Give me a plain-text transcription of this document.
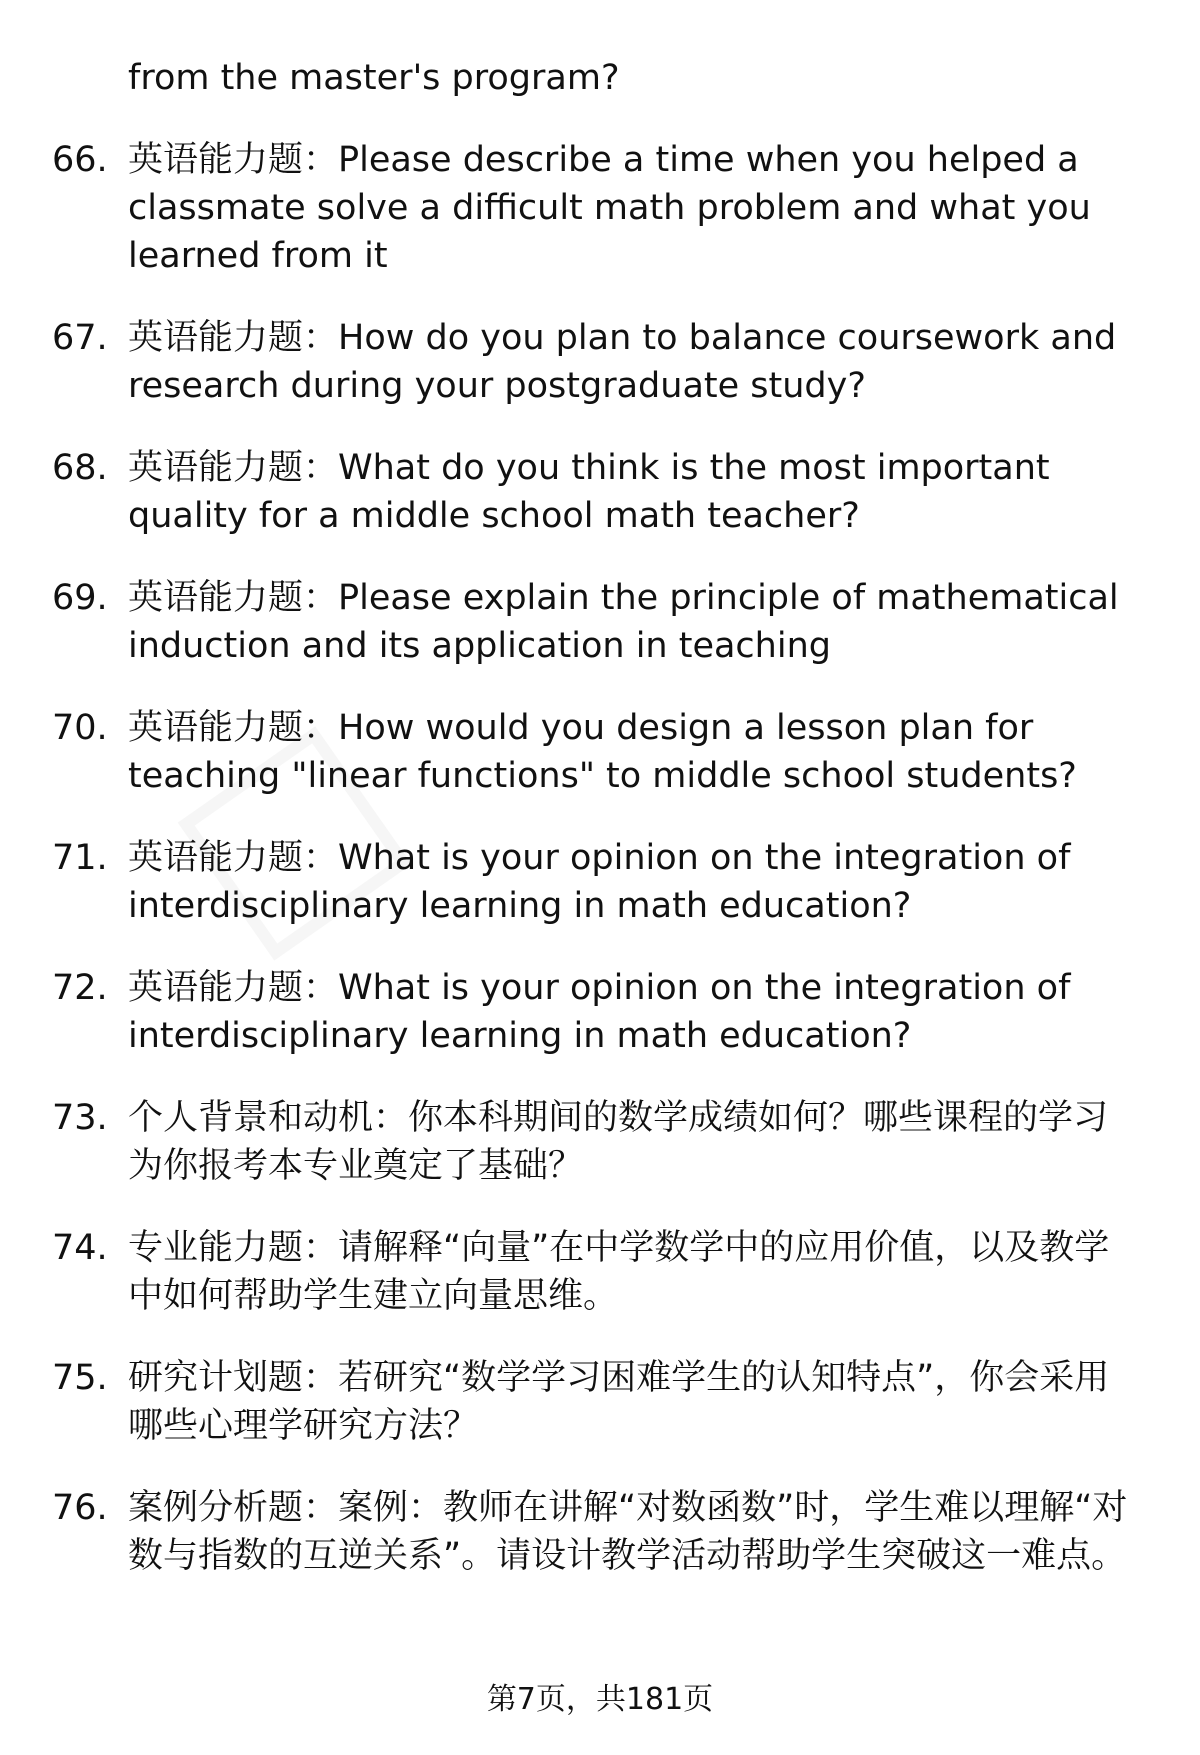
from the master's program?
66. 英语能力题：Please describe a time when you helped a classmate solve a difficult math problem and what you learned from it
67. 英语能力题：How do you plan to balance coursework and research during your postgraduate study?
68. 英语能力题：What do you think is the most important quality for a middle school math teacher?
69. 英语能力题：Please explain the principle of mathematical induction and its application in teaching
70. 英语能力题：How would you design a lesson plan for teaching "linear functions" to middle school students?
71. 英语能力题：What is your opinion on the integration of interdisciplinary learning in math education?
72. 英语能力题：What is your opinion on the integration of interdisciplinary learning in math education?
73. 个人背景和动机：你本科期间的数学成绩如何？哪些课程的学习为你报考本专业奠定了基础？
74. 专业能力题：请解释“向量”在中学数学中的应用价值，以及教学中如何帮助学生建立向量思维。
75. 研究计划题：若研究“数学学习困难学生的认知特点”，你会采用哪些心理学研究方法？
76. 案例分析题：案例：教师在讲解“对数函数”时，学生难以理解“对数与指数的互逆关系”。请设计教学活动帮助学生突破这一难点。
第7页，共181页
